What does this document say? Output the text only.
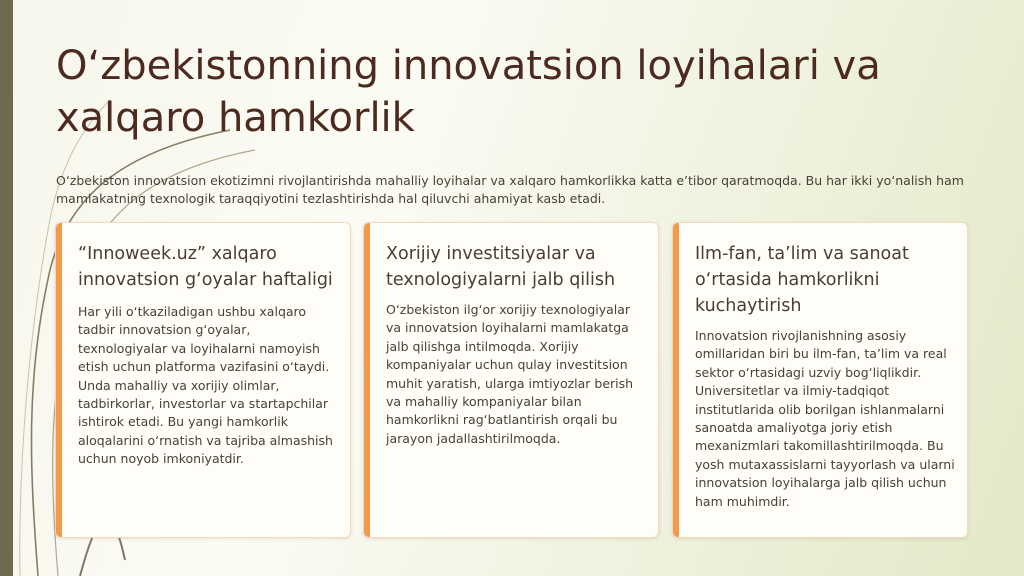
O‘zbekistonning innovatsion loyihalari va xalqaro hamkorlik

O‘zbekiston innovatsion ekotizimni rivojlantirishda mahalliy loyihalar va xalqaro hamkorlikka katta e’tibor qaratmoqda. Bu har ikki yo‘nalish ham mamlakatning texnologik taraqqiyotini tezlashtirishda hal qiluvchi ahamiyat kasb etadi.

“Innoweek.uz” xalqaro innovatsion g‘oyalar haftaligi
Har yili o‘tkaziladigan ushbu xalqaro tadbir innovatsion g‘oyalar, texnologiyalar va loyihalarni namoyish etish uchun platforma vazifasini o‘taydi. Unda mahalliy va xorijiy olimlar, tadbirkorlar, investorlar va startapchilar ishtirok etadi. Bu yangi hamkorlik aloqalarini o‘rnatish va tajriba almashish uchun noyob imkoniyatdir.
Xorijiy investitsiyalar va texnologiyalarni jalb qilish
O‘zbekiston ilg‘or xorijiy texnologiyalar va innovatsion loyihalarni mamlakatga jalb qilishga intilmoqda. Xorijiy kompaniyalar uchun qulay investitsion muhit yaratish, ularga imtiyozlar berish va mahalliy kompaniyalar bilan hamkorlikni rag‘batlantirish orqali bu jarayon jadallashtirilmoqda.
Ilm-fan, ta’lim va sanoat o‘rtasida hamkorlikni kuchaytirish
Innovatsion rivojlanishning asosiy omillaridan biri bu ilm-fan, ta’lim va real sektor o‘rtasidagi uzviy bog‘liqlikdir. Universitetlar va ilmiy-tadqiqot institutlarida olib borilgan ishlanmalarni sanoatda amaliyotga joriy etish mexanizmlari takomillashtirilmoqda. Bu yosh mutaxassislarni tayyorlash va ularni innovatsion loyihalarga jalb qilish uchun ham muhimdir.
